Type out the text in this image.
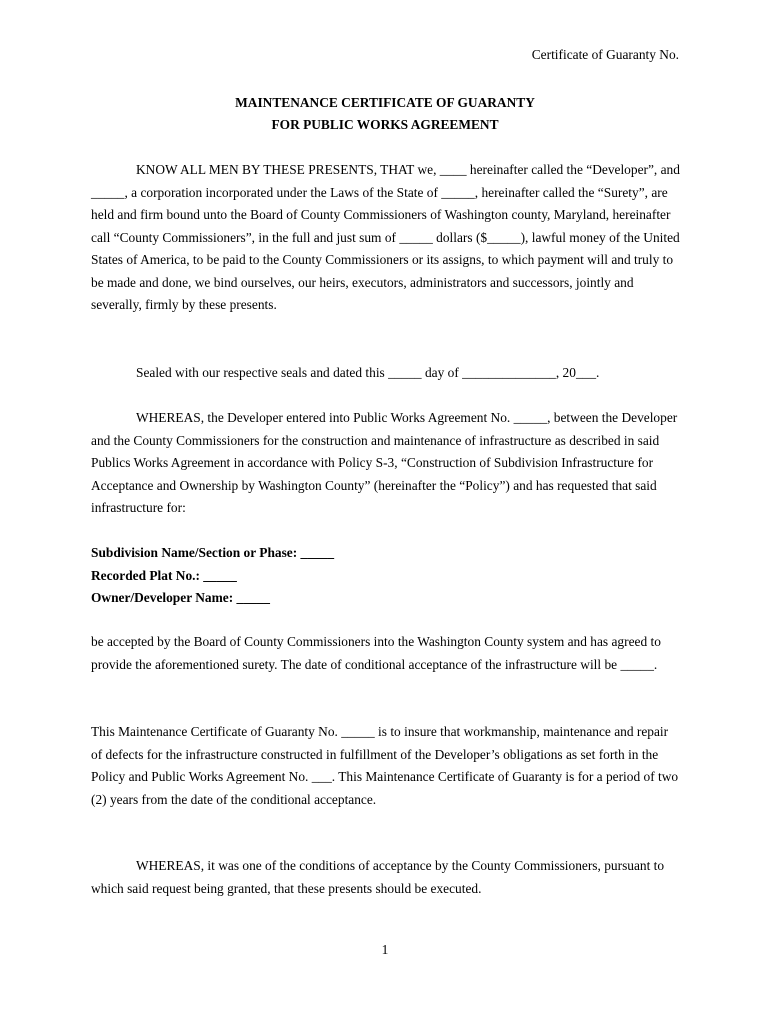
Certificate of Guaranty No.
MAINTENANCE CERTIFICATE OF GUARANTY
FOR PUBLIC WORKS AGREEMENT
KNOW ALL MEN BY THESE PRESENTS, THAT we, ____ hereinafter called the “Developer”, and _____, a corporation incorporated under the Laws of the State of _____, hereinafter called the “Surety”, are held and firm bound unto the Board of County Commissioners of Washington county, Maryland, hereinafter call “County Commissioners”, in the full and just sum of _____ dollars ($_____), lawful money of the United States of America, to be paid to the County Commissioners or its assigns, to which payment will and truly to be made and done, we bind ourselves, our heirs, executors, administrators and successors, jointly and severally, firmly by these presents.
Sealed with our respective seals and dated this _____ day of ______________, 20___.
WHEREAS, the Developer entered into Public Works Agreement No. _____, between the Developer and the County Commissioners for the construction and maintenance of infrastructure as described in said Publics Works Agreement in accordance with Policy S-3, “Construction of Subdivision Infrastructure for Acceptance and Ownership by Washington County” (hereinafter the “Policy”) and has requested that said infrastructure for:
Subdivision Name/Section or Phase: _____
Recorded Plat No.: _____
Owner/Developer Name: _____
be accepted by the Board of County Commissioners into the Washington County system and has agreed to provide the aforementioned surety. The date of conditional acceptance of the infrastructure will be _____.
This Maintenance Certificate of Guaranty No. _____ is to insure that workmanship, maintenance and repair of defects for the infrastructure constructed in fulfillment of the Developer’s obligations as set forth in the Policy and Public Works Agreement No. ___. This Maintenance Certificate of Guaranty is for a period of two (2) years from the date of the conditional acceptance.
WHEREAS, it was one of the conditions of acceptance by the County Commissioners, pursuant to which said request being granted, that these presents should be executed.
1
